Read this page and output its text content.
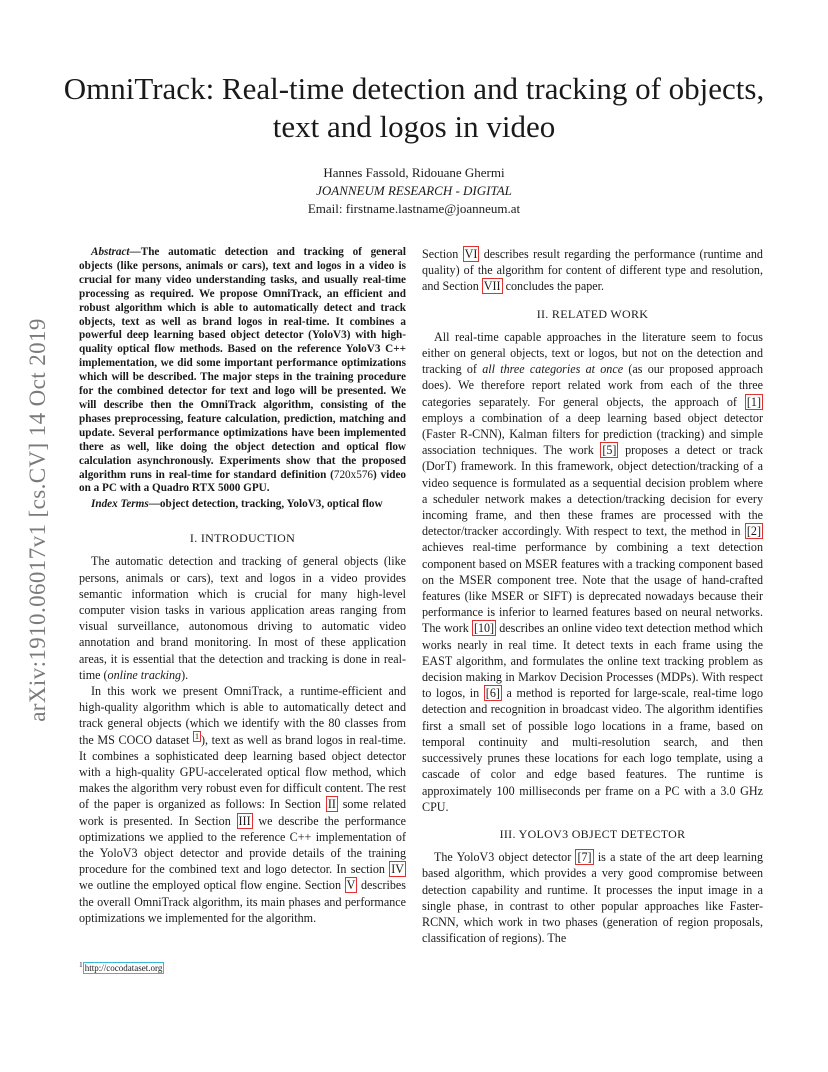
arXiv:1910.06017v1 [cs.CV] 14 Oct 2019
OmniTrack: Real-time detection and tracking of objects, text and logos in video
Hannes Fassold, Ridouane Ghermi
JOANNEUM RESEARCH - DIGITAL
Email: firstname.lastname@joanneum.at

Abstract—The automatic detection and tracking of general objects (like persons, animals or cars), text and logos in a video is crucial for many video understanding tasks, and usually real-time processing as required. We propose OmniTrack, an efficient and robust algorithm which is able to automatically detect and track objects, text as well as brand logos in real-time. It combines a powerful deep learning based object detector (YoloV3) with high-quality optical flow methods. Based on the reference YoloV3 C++ implementation, we did some important performance optimizations which will be described. The major steps in the training procedure for the combined detector for text and logo will be presented. We will describe then the OmniTrack algorithm, consisting of the phases preprocessing, feature calculation, prediction, matching and update. Several performance optimizations have been implemented there as well, like doing the object detection and optical flow calculation asynchronously. Experiments show that the proposed algorithm runs in real-time for standard definition (720x576) video on a PC with a Quadro RTX 5000 GPU.

Index Terms—object detection, tracking, YoloV3, optical flow

I. INTRODUCTION

The automatic detection and tracking of general objects (like persons, animals or cars), text and logos in a video provides semantic information which is crucial for many high-level computer vision tasks in various application areas ranging from visual surveillance, autonomous driving to automatic video annotation and brand monitoring. In most of these application areas, it is essential that the detection and tracking is done in real-time (online tracking).

In this work we present OmniTrack, a runtime-efficient and high-quality algorithm which is able to automatically detect and track general objects (which we identify with the 80 classes from the MS COCO dataset $^1$ ), text as well as brand logos in real-time. It combines a sophisticated deep learning based object detector with a high-quality GPU-accelerated optical flow method, which makes the algorithm very robust even for difficult content. The rest of the paper is organized as follows: In Section II some related work is presented. In Section III we describe the performance optimizations we applied to the reference C++ implementation of the YoloV3 object detector and provide details of the training procedure for the combined text and logo detector. In section IV we outline the employed optical flow engine. Section V describes the overall OmniTrack algorithm, its main phases and performance optimizations we implemented for the algorithm.

$^1$ http://cocodataset.org

Section VI describes result regarding the performance (runtime and quality) of the algorithm for content of different type and resolution, and Section VII concludes the paper.

II. RELATED WORK

All real-time capable approaches in the literature seem to focus either on general objects, text or logos, but not on the detection and tracking of all three categories at once (as our proposed approach does). We therefore report related work from each of the three categories separately. For general objects, the approach of [1] employs a combination of a deep learning based object detector (Faster R-CNN), Kalman filters for prediction (tracking) and simple association techniques. The work [5] proposes a detect or track (DorT) framework. In this framework, object detection/tracking of a video sequence is formulated as a sequential decision problem where a scheduler network makes a detection/tracking decision for every incoming frame, and then these frames are processed with the detector/tracker accordingly. With respect to text, the method in [2] achieves real-time performance by combining a text detection component based on MSER features with a tracking component based on the MSER component tree. Note that the usage of hand-crafted features (like MSER or SIFT) is deprecated nowadays because their performance is inferior to learned features based on neural networks. The work [10] describes an online video text detection method which works nearly in real time. It detect texts in each frame using the EAST algorithm, and formulates the online text tracking problem as decision making in Markov Decision Processes (MDPs). With respect to logos, in [6] a method is reported for large-scale, real-time logo detection and recognition in broadcast video. The algorithm identifies first a small set of possible logo locations in a frame, based on temporal continuity and multi-resolution search, and then successively prunes these locations for each logo template, using a cascade of color and edge based features. The runtime is approximately 100 milliseconds per frame on a PC with a 3.0 GHz CPU.

III. YOLOV3 OBJECT DETECTOR

The YoloV3 object detector [7] is a state of the art deep learning based algorithm, which provides a very good compromise between detection capability and runtime. It processes the input image in a single phase, in contrast to other popular approaches like Faster-RCNN, which work in two phases (generation of region proposals, classification of regions). The
